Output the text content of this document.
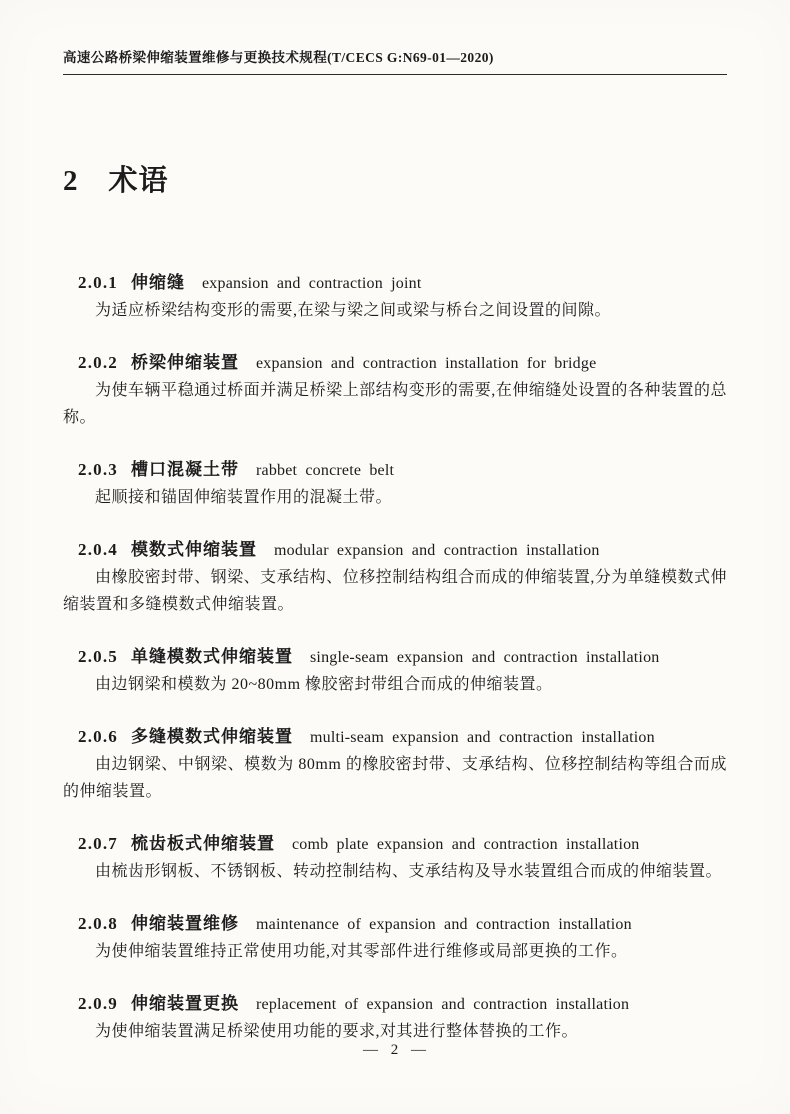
高速公路桥梁伸缩装置维修与更换技术规程(T/CECS G:N69-01—2020)
2 术语
2.0.1 伸缩缝 expansion and contraction joint

为适应桥梁结构变形的需要,在梁与梁之间或梁与桥台之间设置的间隙。

2.0.2 桥梁伸缩装置 expansion and contraction installation for bridge

为使车辆平稳通过桥面并满足桥梁上部结构变形的需要,在伸缩缝处设置的各种装置的总称。

2.0.3 槽口混凝土带 rabbet concrete belt

起顺接和锚固伸缩装置作用的混凝土带。

2.0.4 模数式伸缩装置 modular expansion and contraction installation

由橡胶密封带、钢梁、支承结构、位移控制结构组合而成的伸缩装置,分为单缝模数式伸缩装置和多缝模数式伸缩装置。

2.0.5 单缝模数式伸缩装置 single-seam expansion and contraction installation

由边钢梁和模数为 20~80mm 橡胶密封带组合而成的伸缩装置。

2.0.6 多缝模数式伸缩装置 multi-seam expansion and contraction installation

由边钢梁、中钢梁、模数为 80mm 的橡胶密封带、支承结构、位移控制结构等组合而成的伸缩装置。

2.0.7 梳齿板式伸缩装置 comb plate expansion and contraction installation

由梳齿形钢板、不锈钢板、转动控制结构、支承结构及导水装置组合而成的伸缩装置。

2.0.8 伸缩装置维修 maintenance of expansion and contraction installation

为使伸缩装置维持正常使用功能,对其零部件进行维修或局部更换的工作。

2.0.9 伸缩装置更换 replacement of expansion and contraction installation

为使伸缩装置满足桥梁使用功能的要求,对其进行整体替换的工作。

— 2 —
